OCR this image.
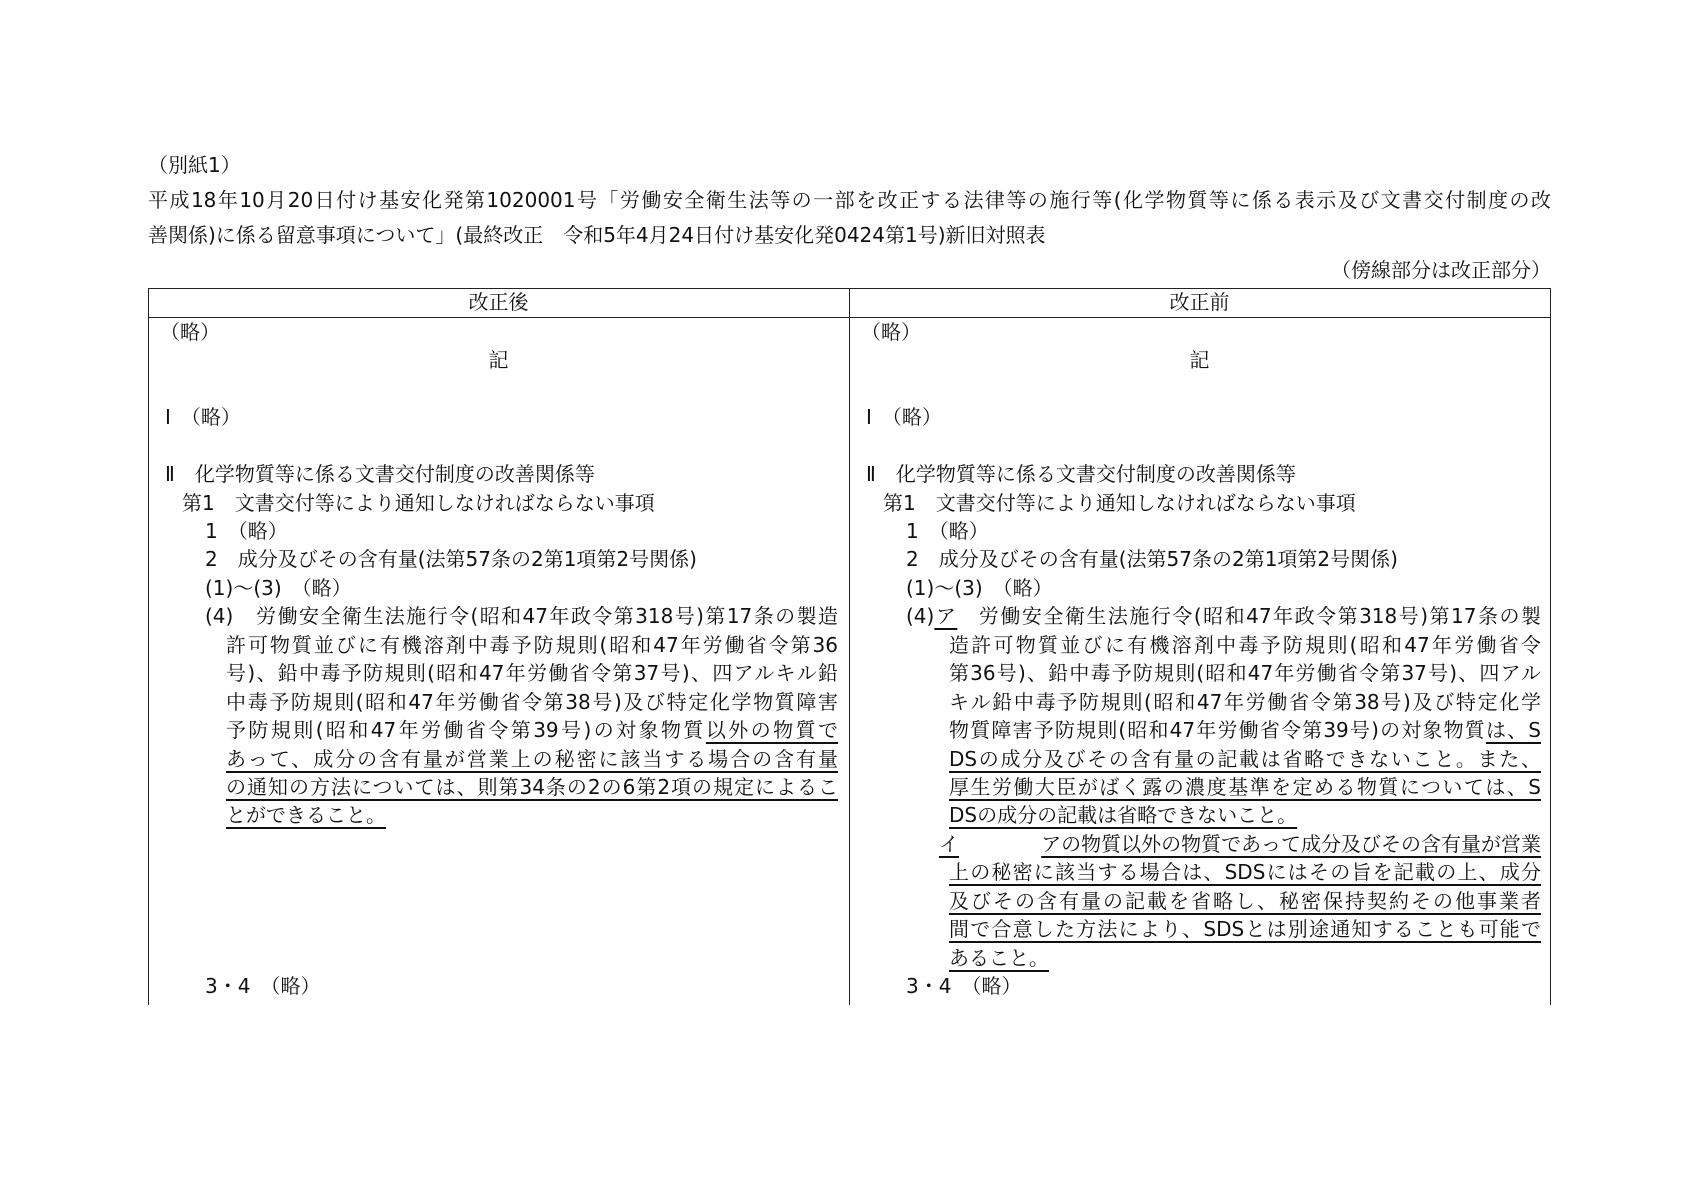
（別紙1）
平成18年10月20日付け基安化発第1020001号「労働安全衛生法等の一部を改正する法律等の施行等(化学物質等に係る表示及び文書交付制度の改
善関係)に係る留意事項について」(最終改正　令和5年4月24日付け基安化発0424第1号)新旧対照表
（傍線部分は改正部分）
改正後
（略）
記
Ⅰ　（略）
Ⅱ　化学物質等に係る文書交付制度の改善関係等
第1　文書交付等により通知しなければならない事項
1　（略）
2　成分及びその含有量(法第57条の2第1項第2号関係)
(1)～(3)　（略）
(4)　労働安全衛生法施行令(昭和47年政令第318号)第17条の製造
許可物質並びに有機溶剤中毒予防規則(昭和47年労働省令第36
号)、鉛中毒予防規則(昭和47年労働省令第37号)、四アルキル鉛
中毒予防規則(昭和47年労働省令第38号)及び特定化学物質障害
予防規則(昭和47年労働省令第39号)の対象物質以外の物質で
あって、成分の含有量が営業上の秘密に該当する場合の含有量
の通知の方法については、則第34条の2の6第2項の規定によるこ
とができること。
3・4　（略）
改正前
（略）
記
Ⅰ　（略）
Ⅱ　化学物質等に係る文書交付制度の改善関係等
第1　文書交付等により通知しなければならない事項
1　（略）
2　成分及びその含有量(法第57条の2第1項第2号関係)
(1)～(3)　（略）
(4)ア　労働安全衛生法施行令(昭和47年政令第318号)第17条の製
造許可物質並びに有機溶剤中毒予防規則(昭和47年労働省令
第36号)、鉛中毒予防規則(昭和47年労働省令第37号)、四アル
キル鉛中毒予防規則(昭和47年労働省令第38号)及び特定化学
物質障害予防規則(昭和47年労働省令第39号)の対象物質は、S
DSの成分及びその含有量の記載は省略できないこと。また、
厚生労働大臣がばく露の濃度基準を定める物質については、S
DSの成分の記載は省略できないこと。
イ	アの物質以外の物質であって成分及びその含有量が営業
上の秘密に該当する場合は、SDSにはその旨を記載の上、成分
及びその含有量の記載を省略し、秘密保持契約その他事業者
間で合意した方法により、SDSとは別途通知することも可能で
あること。
3・4　（略）
